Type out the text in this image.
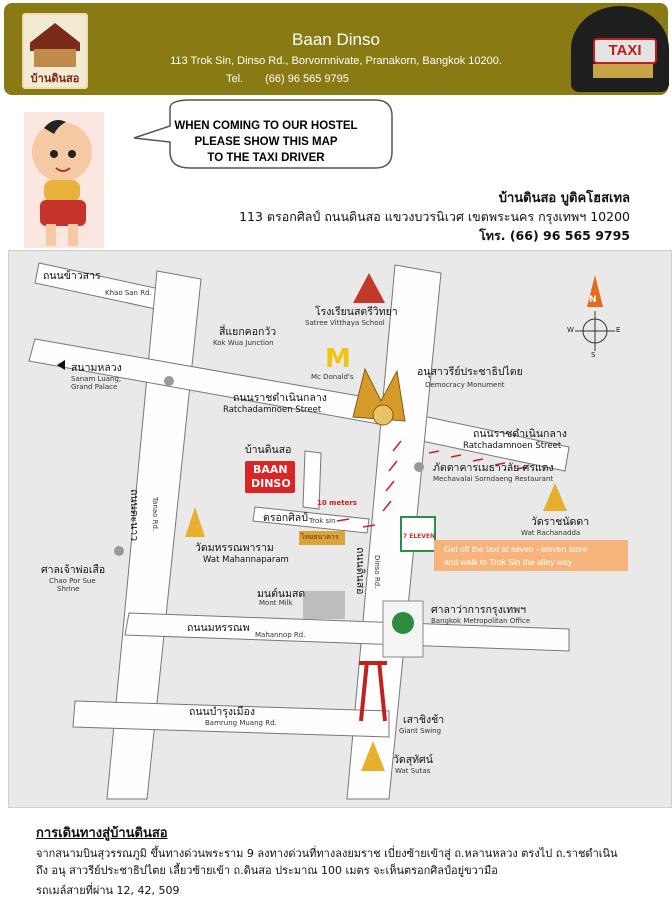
บ้านดินสอ
TAXI
Baan Dinso
113 Trok Sin, Dinso Rd., Borvornnivate, Pranakorn, Bangkok 10200.
Tel. (66) 96 565 9795
WHEN COMING TO OUR HOSTEL
PLEASE SHOW THIS MAP
TO THE TAXI DRIVER
บ้านดินสอ บูติคโฮสเทล
113 ตรอกศิลป์ ถนนดินสอ แขวงบวรนิเวศ เขตพระนคร กรุงเทพฯ 10200
โทร. (66) 96 565 9795
M
ถนนข้าวสาร
Khao San Rd.
โรงเรียนสตรีวิทยา
Satree Vitthaya School
สี่แยกคอกวัว
Kok Wua Junction
สนามหลวง
Sanam Luang,
Grand Palace
Mc Donald's	อนุสาวรีย์ประชาธิปไตย
Democracy Monument
ถนนราชดำเนินกลาง
Ratchadamnoen Street
ถนนราชดำเนินกลาง
Ratchadamnoen Street
บ้านดินสอ
BAAN
DINSO
10 meters
ตรอกศิลป์ Trok sin
ไทยธนาคาร
ภัตตาคารเมธาวลัย ศรแดง
Mechavalai Sorndaeng Restaurant
วัดราชนัดดา
Wat Rachanadda
7 ELEVEN
ถนนตะนาว	Tanao Rd.
วัดมหรรณพาราม
Wat Mahannaparam
ศาลเจ้าพ่อเสือ
Chao Por Sue
Shrine	ถนนดินสอ	Dinso Rd.
มนต์นมสด
Mont Milk
ศาลาว่าการกรุงเทพฯ
Bangkok Metropolitan Office
ถนนมหรรณพ
Mahannop Rd.
ถนนบำรุงเมือง
Bamrung Muang Rd.	เสาชิงช้า
Giant Swing
วัดสุทัศน์
Wat Sutas
N
S
E
W
Get off the taxi at seven - eleven store
and walk to Trok Sin the alley way
การเดินทางสู่บ้านดินสอ
จากสนามบินสุวรรณภูมิ ขึ้นทางด่วนพระราม 9 ลงทางด่วนที่ทางลงยมราช เบี่ยงซ้ายเข้าสู่ ถ.หลานหลวง ตรงไป ถ.ราชดำเนิน
ถึง อนุ สาวรีย์ประชาธิปไตย เลี้ยวซ้ายเข้า ถ.ดินสอ ประมาณ 100 เมตร จะเห็นตรอกศิลป์อยู่ขวามือ
รถเมล์สายที่ผ่าน 12, 42, 509
